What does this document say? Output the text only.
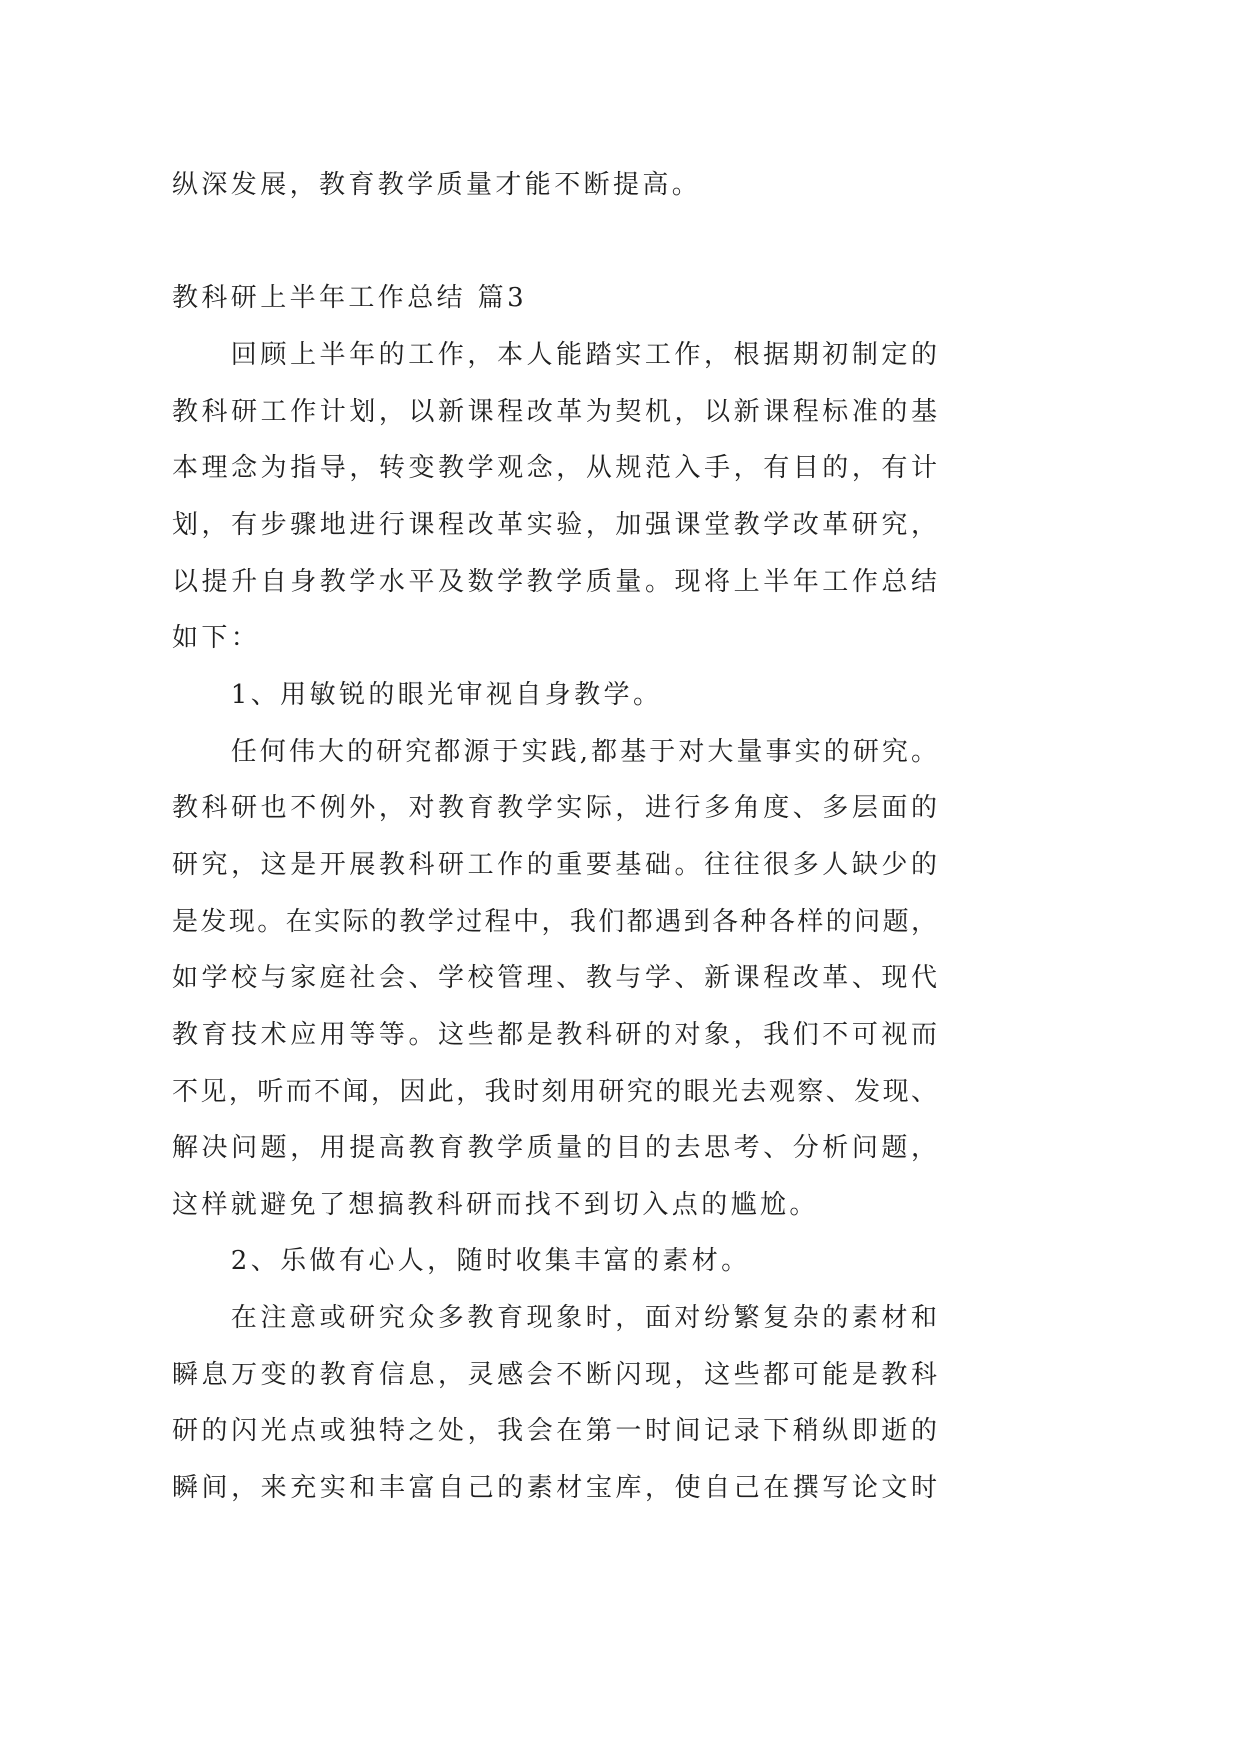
纵深发展，教育教学质量才能不断提高。
教科研上半年工作总结 篇3
回顾上半年的工作，本人能踏实工作，根据期初制定的
教科研工作计划，以新课程改革为契机，以新课程标准的基
本理念为指导，转变教学观念，从规范入手，有目的，有计
划，有步骤地进行课程改革实验，加强课堂教学改革研究，
以提升自身教学水平及数学教学质量。现将上半年工作总结
如下：
1、用敏锐的眼光审视自身教学。
任何伟大的研究都源于实践,都基于对大量事实的研究。
教科研也不例外，对教育教学实际，进行多角度、多层面的
研究，这是开展教科研工作的重要基础。往往很多人缺少的
是发现。在实际的教学过程中，我们都遇到各种各样的问题，
如学校与家庭社会、学校管理、教与学、新课程改革、现代
教育技术应用等等。这些都是教科研的对象，我们不可视而
不见，听而不闻，因此，我时刻用研究的眼光去观察、发现、
解决问题，用提高教育教学质量的目的去思考、分析问题，
这样就避免了想搞教科研而找不到切入点的尴尬。
2、乐做有心人，随时收集丰富的素材。
在注意或研究众多教育现象时，面对纷繁复杂的素材和
瞬息万变的教育信息，灵感会不断闪现，这些都可能是教科
研的闪光点或独特之处，我会在第一时间记录下稍纵即逝的
瞬间，来充实和丰富自己的素材宝库，使自己在撰写论文时
